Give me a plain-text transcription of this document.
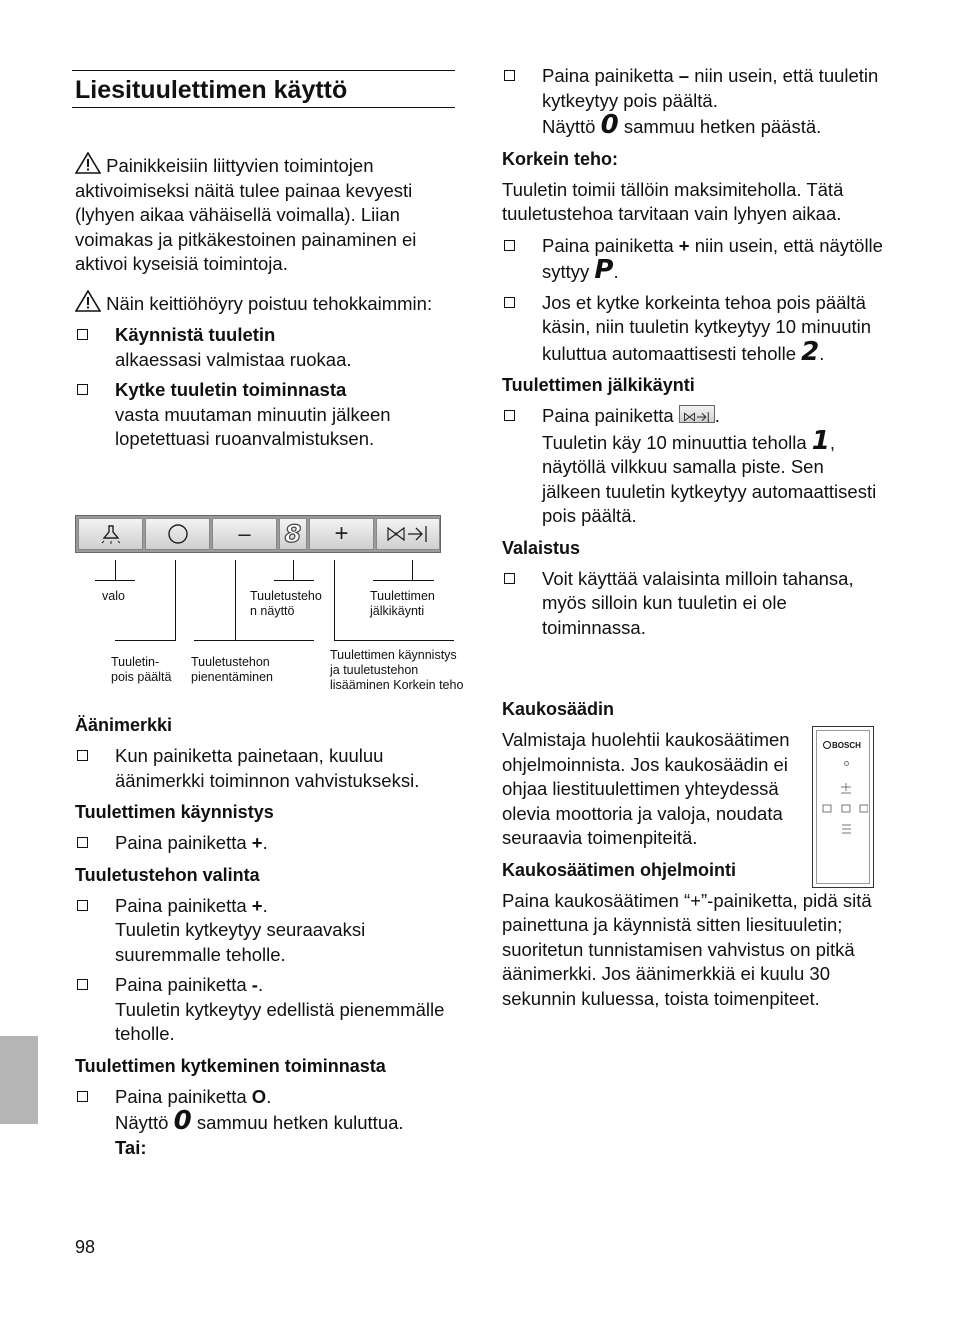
Liesituulettimen käyttö

Painikkeisiin liittyvien toimintojen aktivoimiseksi näitä tulee painaa kevyesti (lyhyen aikaa vähäisellä voimalla). Liian voimakas ja pitkäkestoinen painaminen ei aktivoi kyseisiä toimintoja.

Näin keittiöhöyry poistuu tehokkaimmin:

Käynnistä tuuletin
alkaessasi valmistaa ruokaa.
Kytke tuuletin toiminnasta
vasta muutaman minuutin jälkeen lopetettuasi ruoanvalmistuksen.
– 8 +
valo	Tuuletusteho
n näyttö
Tuulettimen
jälkikäynti
Tuuletin-
pois päältä
Tuuletustehon
pienentäminen
Tuulettimen käynnistys
ja tuuletustehon
lisääminen Korkein teho

Äänimerkki

Kun painiketta painetaan, kuuluu äänimerkki toiminnon vahvistukseksi.

Tuulettimen käynnistys

Paina painiketta +.

Tuuletustehon valinta

Paina painiketta +.
Tuuletin kytkeytyy seuraavaksi suuremmalle teholle.
Paina painiketta -.
Tuuletin kytkeytyy edellistä pienemmälle teholle.

Tuulettimen kytkeminen toiminnasta

Paina painiketta O.
Näyttö 0 sammuu hetken kuluttua.
Tai:
Paina painiketta – niin usein, että tuuletin kytkeytyy pois päältä.
Näyttö 0 sammuu hetken päästä.

Korkein teho:

Tuuletin toimii tällöin maksimiteholla. Tätä tuuletustehoa tarvitaan vain lyhyen aikaa.

Paina painiketta + niin usein, että näytölle syttyy P.
Jos et kytke korkeinta tehoa pois päältä käsin, niin tuuletin kytkeytyy 10 minuutin kuluttua automaattisesti teholle 2.

Tuulettimen jälkikäynti

Paina painiketta .
Tuuletin käy 10 minuuttia teholla 1, näytöllä vilkkuu samalla piste. Sen jälkeen tuuletin kytkeytyy automaattisesti pois päältä.

Valaistus

Voit käyttää valaisinta milloin tahansa, myös silloin kun tuuletin ei ole toiminnassa.

Kaukosäädin

Valmistaja huolehtii kaukosäätimen ohjelmoinnista. Jos kaukosäädin ei ohjaa liestituulettimen yhteydessä olevia moottoria ja valoja, noudata seuraavia toimenpiteitä.

Kaukosäätimen ohjelmointi

Paina kaukosäätimen “+”-painiketta, pidä sitä painettuna ja käynnistä sitten liesituuletin; suoritetun tunnistamisen vahvistus on pitkä äänimerkki. Jos äänimerkkiä ei kuulu 30 sekunnin kuluessa, toista toimenpiteet.

BOSCH
98
